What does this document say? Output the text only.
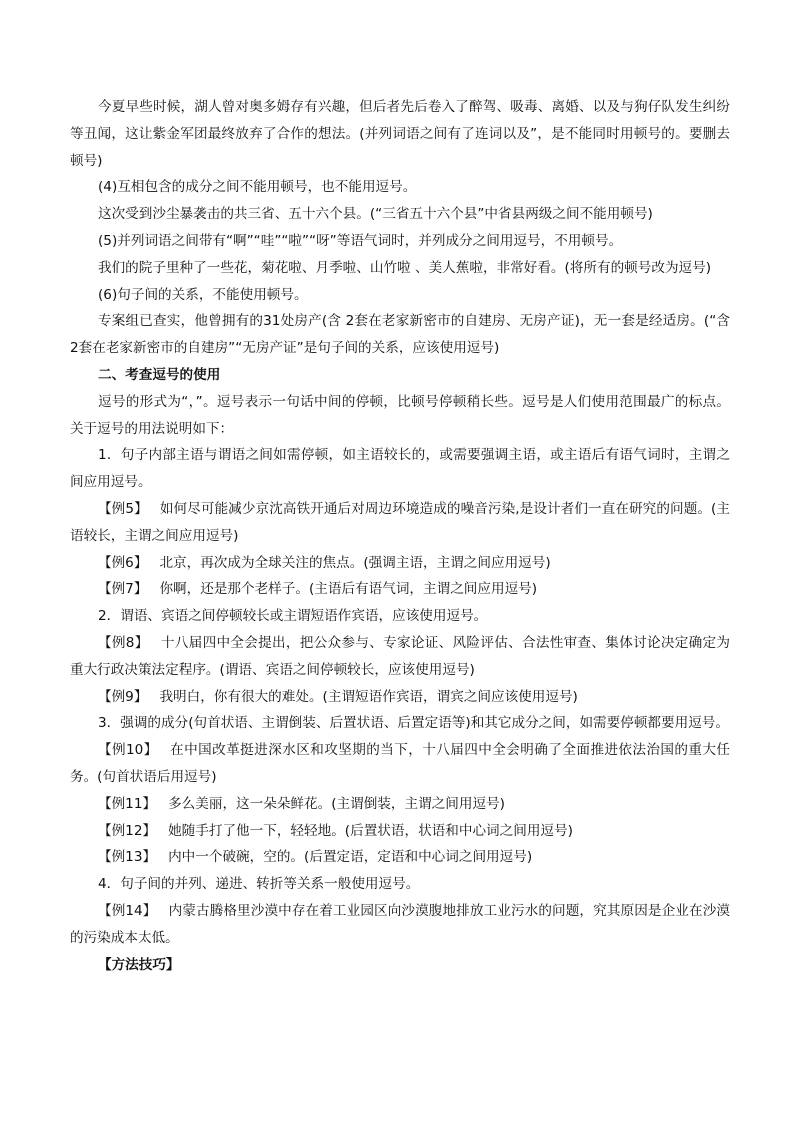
今夏早些时候，湖人曾对奥多姆存有兴趣，但后者先后卷入了醉驾、吸毒、离婚、以及与狗仔队发生纠纷等丑闻，这让紫金军团最终放弃了合作的想法。(并列词语之间有了连词以及”，是不能同时用顿号的。要删去顿号)

(4)互相包含的成分之间不能用顿号，也不能用逗号。

这次受到沙尘暴袭击的共三省、五十六个县。(“三省五十六个县”中省县两级之间不能用顿号)

(5)并列词语之间带有“啊”“哇”“啦”“呀”等语气词时，并列成分之间用逗号，不用顿号。

我们的院子里种了一些花，菊花啦、月季啦、山竹啦 、美人蕉啦，非常好看。(将所有的顿号改为逗号)

(6)句子间的关系，不能使用顿号。

专案组已查实，他曾拥有的31处房产(含 2套在老家新密市的自建房、无房产证)，无一套是经适房。(“含 2套在老家新密市的自建房”“无房产证”是句子间的关系，应该使用逗号)

二、考查逗号的使用

逗号的形式为“，”。逗号表示一句话中间的停顿，比顿号停顿稍长些。逗号是人们使用范围最广的标点。关于逗号的用法说明如下：

1．句子内部主语与谓语之间如需停顿，如主语较长的，或需要强调主语，或主语后有语气词时，主谓之间应用逗号。

【例5】 如何尽可能减少京沈高铁开通后对周边环境造成的噪音污染,是设计者们一直在研究的问题。(主语较长，主谓之间应用逗号)

【例6】 北京，再次成为全球关注的焦点。(强调主语，主谓之间应用逗号)

【例7】 你啊，还是那个老样子。(主语后有语气词，主谓之间应用逗号)

2．谓语、宾语之间停顿较长或主谓短语作宾语，应该使用逗号。

【例8】 十八届四中全会提出，把公众参与、专家论证、风险评估、合法性审查、集体讨论决定确定为重大行政决策法定程序。(谓语、宾语之间停顿较长，应该使用逗号)

【例9】 我明白，你有很大的难处。(主谓短语作宾语，谓宾之间应该使用逗号)

3．强调的成分(句首状语、主谓倒装、后置状语、后置定语等)和其它成分之间，如需要停顿都要用逗号。

【例10】 在中国改革挺进深水区和攻坚期的当下，十八届四中全会明确了全面推进依法治国的重大任务。(句首状语后用逗号)

【例11】 多么美丽，这一朵朵鲜花。(主谓倒装，主谓之间用逗号)

【例12】 她随手打了他一下，轻轻地。(后置状语，状语和中心词之间用逗号)

【例13】 内中一个破碗，空的。(后置定语，定语和中心词之间用逗号)

4．句子间的并列、递进、转折等关系一般使用逗号。

【例14】 内蒙古腾格里沙漠中存在着工业园区向沙漠腹地排放工业污水的问题，究其原因是企业在沙漠的污染成本太低。

【方法技巧】
